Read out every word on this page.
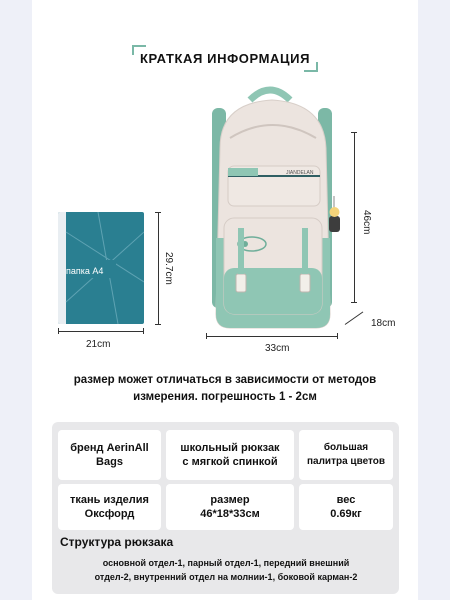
КРАТКАЯ ИНФОРМАЦИЯ
папка А4	29.7cm
21cm
JIANDELAN
46cm
18cm
33cm
размер может отличаться в зависимости от методов
измерения. погрешность 1 - 2см
бренд AerinAll
Bags
школьный рюкзак
с мягкой спинкой
большая
палитра цветов
ткань изделия
Оксфорд
размер
46*18*33см
вес
0.69кг
Структура рюкзака
основной отдел-1, парный отдел-1, передний внешний
отдел-2, внутренний отдел на молнии-1, боковой карман-2
